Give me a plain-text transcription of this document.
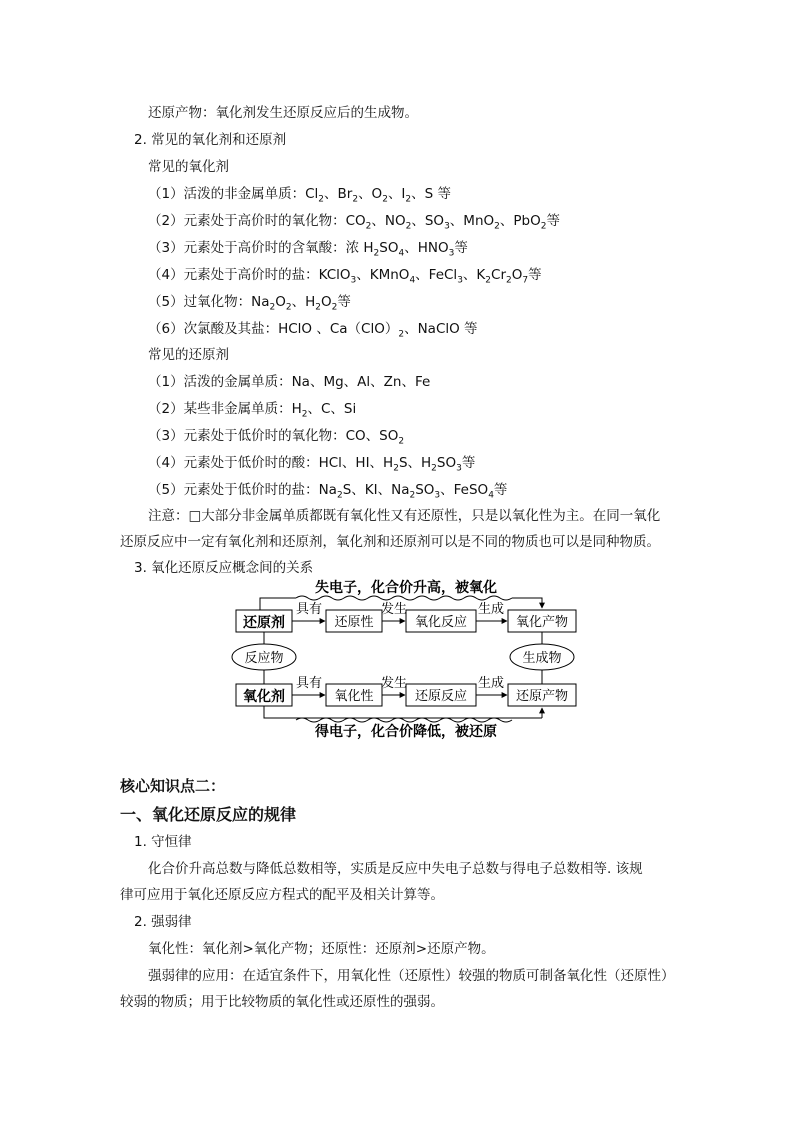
还原产物：氧化剂发生还原反应后的生成物。
2. 常见的氧化剂和还原剂
常见的氧化剂
（1）活泼的非金属单质：$Cl_2$、$Br_2$、$O_2$、$I_2$、S 等
（2）元素处于高价时的氧化物：$CO_2$、$NO_2$、$SO_3$、MnO$_2$、PbO$_2$等
（3）元素处于高价时的含氧酸：浓 $H_2SO_4$、$HNO_3$等
（4）元素处于高价时的盐：KClO$_3$、KMnO$_4$、FeCl$_3$、$K_2Cr_2O_7$等
（5）过氧化物：$Na_2O_2$、$H_2O_2$等
（6）次氯酸及其盐：HClO 、$Ca(ClO)_2$、NaClO 等
常见的还原剂
（1）活泼的金属单质：Na、Mg、Al、Zn、Fe
（2）某些非金属单质：$H_2$、C、Si
（3）元素处于低价时的氧化物：CO、$SO_2$
（4）元素处于低价时的酸：HCl、HI、$H_2S$、$H_2SO_3$等
（5）元素处于低价时的盐：$Na_2S$、KI、$Na_2SO_3$、FeSO$_4$等
注意：□大部分非金属单质都既有氧化性又有还原性，只是以氧化性为主。在同一氧化
还原反应中一定有氧化剂和还原剂，氧化剂和还原剂可以是不同的物质也可以是同种物质。
3. 氧化还原反应概念间的关系
失电子，化合价升高，被氧化
还原剂	还原性	氧化反应	氧化产物
具有	发生	生成
反应物	生成物
氧化剂	氧化性	还原反应	还原产物
具有	发生	生成
得电子，化合价降低，被还原
核心知识点二：
一、氧化还原反应的规律
1. 守恒律
化合价升高总数与降低总数相等，实质是反应中失电子总数与得电子总数相等. 该规
律可应用于氧化还原反应方程式的配平及相关计算等。
2. 强弱律
氧化性：氧化剂>氧化产物；还原性：还原剂>还原产物。
强弱律的应用：在适宜条件下，用氧化性（还原性）较强的物质可制备氧化性（还原性）
较弱的物质；用于比较物质的氧化性或还原性的强弱。
